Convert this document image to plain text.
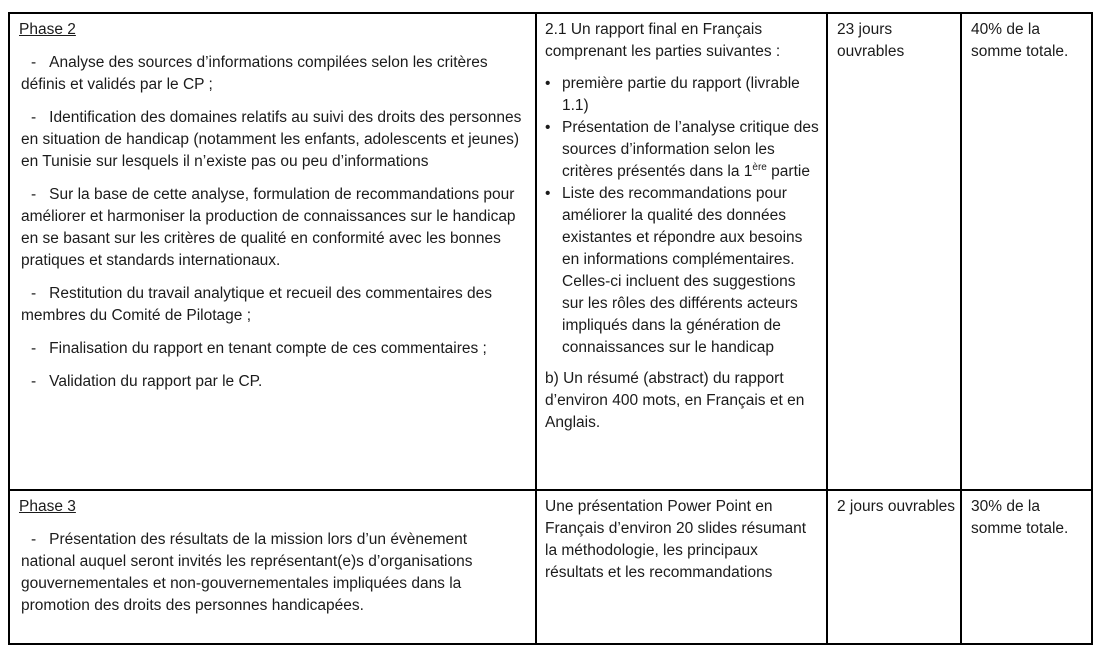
Phase 2

- Analyse des sources d’informations compilées selon les critères définis et validés par le CP ;

- Identification des domaines relatifs au suivi des droits des personnes en situation de handicap (notamment les enfants, adolescents et jeunes) en Tunisie sur lesquels il n’existe pas ou peu d’informations

- Sur la base de cette analyse, formulation de recommandations pour améliorer et harmoniser la production de connaissances sur le handicap en se basant sur les critères de qualité en conformité avec les bonnes pratiques et standards internationaux.

- Restitution du travail analytique et recueil des commentaires des membres du Comité de Pilotage ;

- Finalisation du rapport en tenant compte de ces commentaires ;

- Validation du rapport par le CP.

2.1 Un rapport final en Français comprenant les parties suivantes :

• première partie du rapport (livrable 1.1)
• Présentation de l’analyse critique des sources d’information selon les critères présentés dans la 1ère partie
• Liste des recommandations pour améliorer la qualité des données existantes et répondre aux besoins en informations complémentaires. Celles-ci incluent des suggestions sur les rôles des différents acteurs impliqués dans la génération de connaissances sur le handicap

b) Un résumé (abstract) du rapport d’environ 400 mots, en Français et en Anglais.

23 jours ouvrables
40% de la somme totale.

Phase 3

- Présentation des résultats de la mission lors d’un évènement national auquel seront invités les représentant(e)s d’organisations gouvernementales et non-gouvernementales impliquées dans la promotion des droits des personnes handicapées.

Une présentation Power Point en Français d’environ 20 slides résumant la méthodologie, les principaux résultats et les recommandations

2 jours ouvrables	30% de la somme totale.
